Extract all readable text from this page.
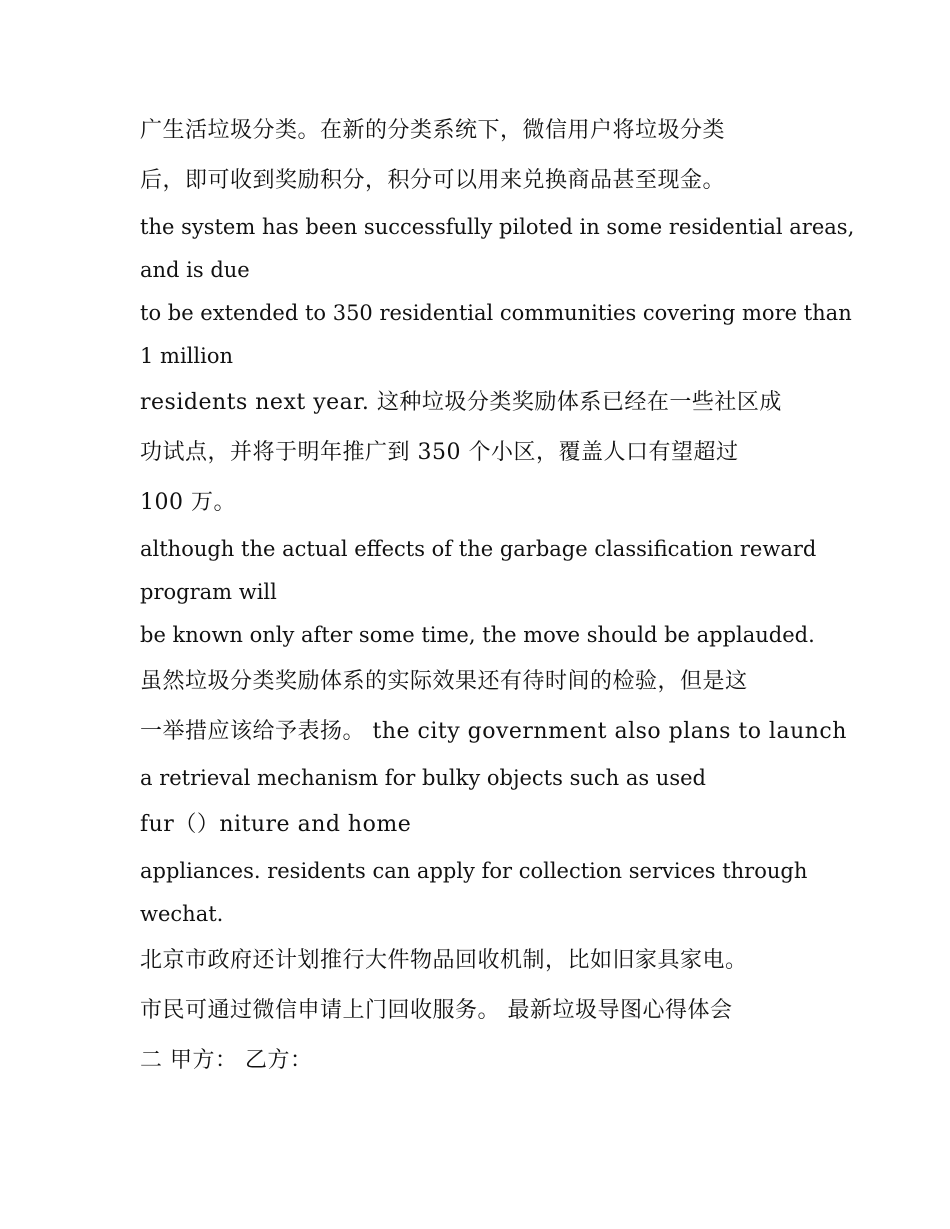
广生活垃圾分类。在新的分类系统下，微信用户将垃圾分类

后，即可收到奖励积分，积分可以用来兑换商品甚至现金。

the system has been successfully piloted in some residential areas,

and is due

to be extended to 350 residential communities covering more than

1 million

residents next year. 这种垃圾分类奖励体系已经在一些社区成

功试点，并将于明年推广到 350 个小区，覆盖人口有望超过

100 万。

although the actual effects of the garbage classification reward

program will

be known only after some time, the move should be applauded.

虽然垃圾分类奖励体系的实际效果还有待时间的检验，但是这

一举措应该给予表扬。 the city government also plans to launch

a retrieval mechanism for bulky objects such as used

fur（）niture and home

appliances. residents can apply for collection services through

wechat.

北京市政府还计划推行大件物品回收机制，比如旧家具家电。

市民可通过微信申请上门回收服务。 最新垃圾导图心得体会

二 甲方： 乙方：
